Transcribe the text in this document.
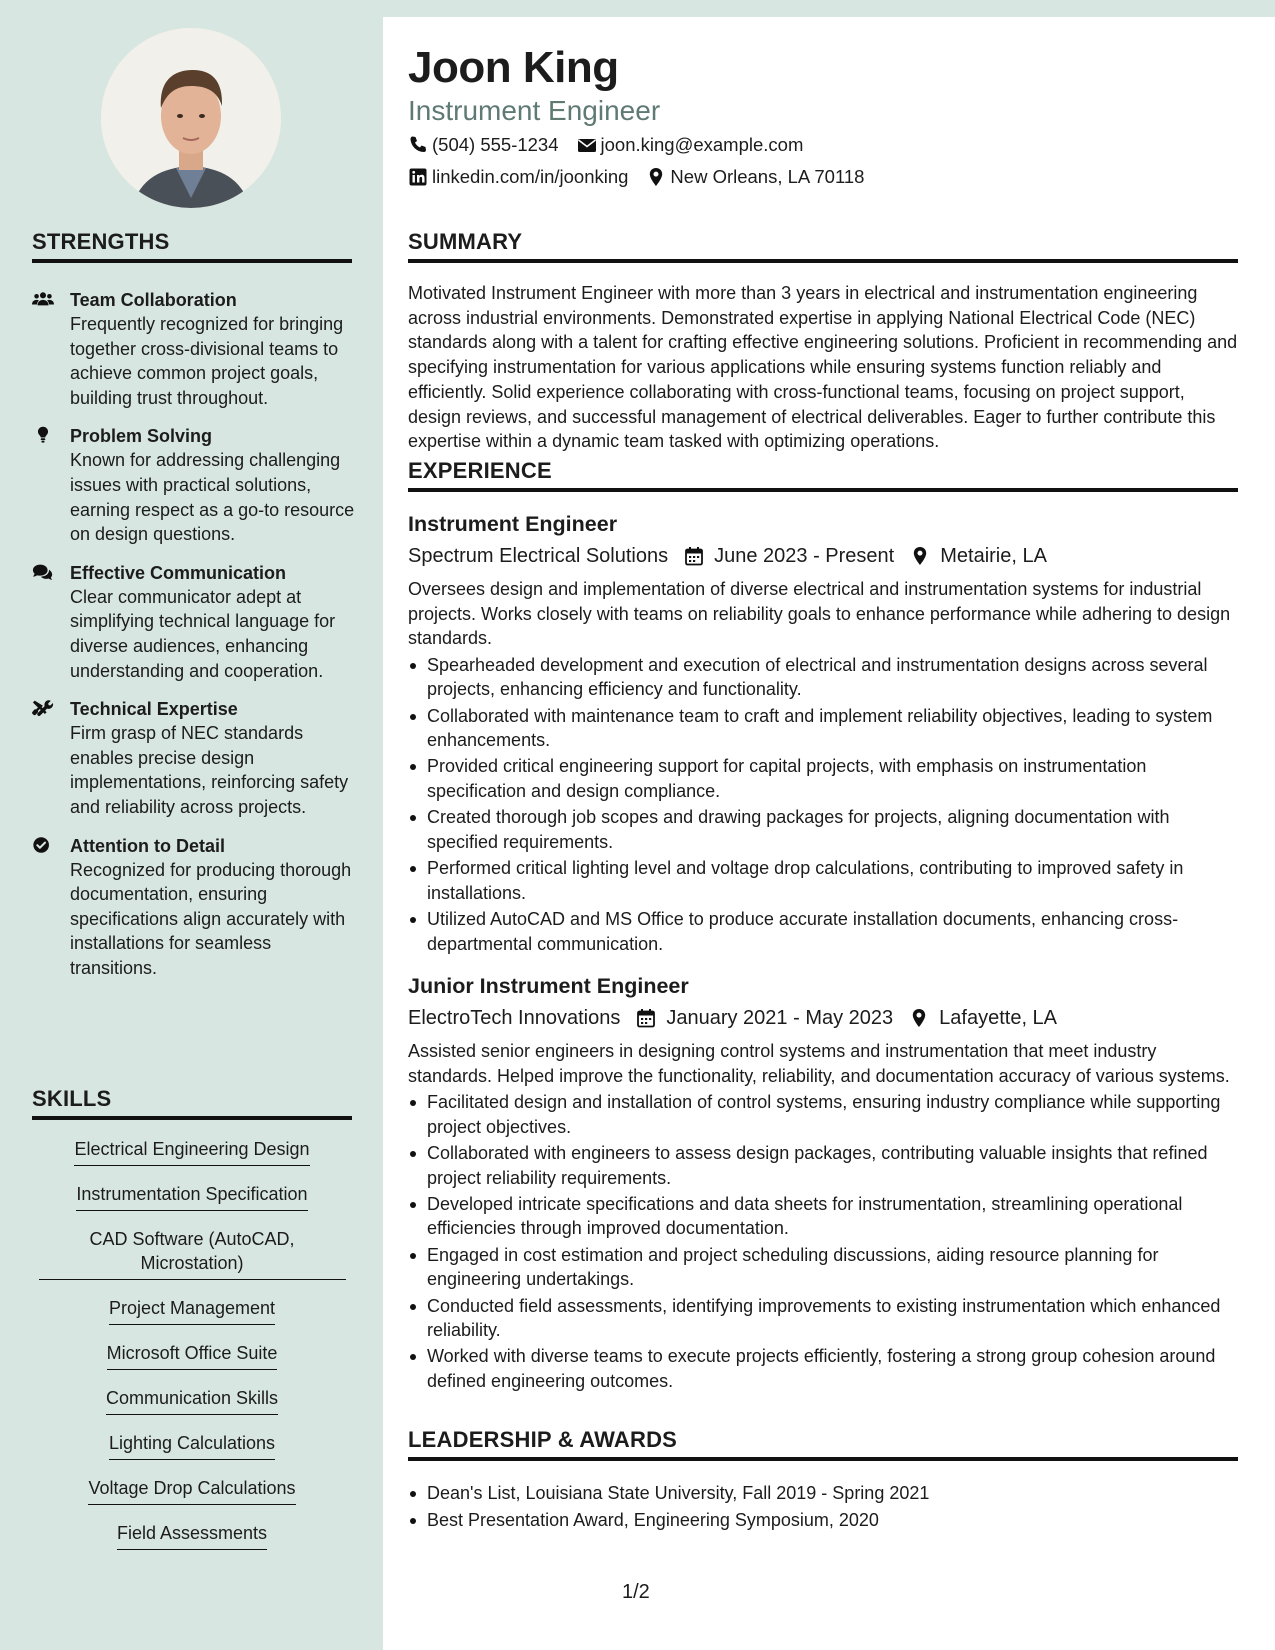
STRENGTHS
Team Collaboration
Frequently recognized for bringing together cross-divisional teams to achieve common project goals, building trust throughout.
Problem Solving
Known for addressing challenging issues with practical solutions, earning respect as a go-to resource on design questions.
Effective Communication
Clear communicator adept at simplifying technical language for diverse audiences, enhancing understanding and cooperation.
Technical Expertise
Firm grasp of NEC standards enables precise design implementations, reinforcing safety and reliability across projects.
Attention to Detail
Recognized for producing thorough documentation, ensuring specifications align accurately with installations for seamless transitions.
SKILLS
Electrical Engineering Design
Instrumentation Specification
CAD Software (AutoCAD, Microstation)
Project Management
Microsoft Office Suite
Communication Skills
Lighting Calculations
Voltage Drop Calculations
Field Assessments
Joon King
Instrument Engineer
(504) 555-1234 joon.king@example.com
linkedin.com/in/joonking New Orleans, LA 70118
SUMMARY
Motivated Instrument Engineer with more than 3 years in electrical and instrumentation engineering across industrial environments. Demonstrated expertise in applying National Electrical Code (NEC) standards along with a talent for crafting effective engineering solutions. Proficient in recommending and specifying instrumentation for various applications while ensuring systems function reliably and efficiently. Solid experience collaborating with cross-functional teams, focusing on project support, design reviews, and successful management of electrical deliverables. Eager to further contribute this expertise within a dynamic team tasked with optimizing operations.
EXPERIENCE
Instrument Engineer
Spectrum Electrical Solutions June 2023 - Present Metairie, LA
Oversees design and implementation of diverse electrical and instrumentation systems for industrial projects. Works closely with teams on reliability goals to enhance performance while adhering to design standards.
Spearheaded development and execution of electrical and instrumentation designs across several projects, enhancing efficiency and functionality.
Collaborated with maintenance team to craft and implement reliability objectives, leading to system enhancements.
Provided critical engineering support for capital projects, with emphasis on instrumentation specification and design compliance.
Created thorough job scopes and drawing packages for projects, aligning documentation with specified requirements.
Performed critical lighting level and voltage drop calculations, contributing to improved safety in installations.
Utilized AutoCAD and MS Office to produce accurate installation documents, enhancing cross-departmental communication.
Junior Instrument Engineer
ElectroTech Innovations January 2021 - May 2023 Lafayette, LA
Assisted senior engineers in designing control systems and instrumentation that meet industry standards. Helped improve the functionality, reliability, and documentation accuracy of various systems.
Facilitated design and installation of control systems, ensuring industry compliance while supporting project objectives.
Collaborated with engineers to assess design packages, contributing valuable insights that refined project reliability requirements.
Developed intricate specifications and data sheets for instrumentation, streamlining operational efficiencies through improved documentation.
Engaged in cost estimation and project scheduling discussions, aiding resource planning for engineering undertakings.
Conducted field assessments, identifying improvements to existing instrumentation which enhanced reliability.
Worked with diverse teams to execute projects efficiently, fostering a strong group cohesion around defined engineering outcomes.
LEADERSHIP & AWARDS
Dean's List, Louisiana State University, Fall 2019 - Spring 2021
Best Presentation Award, Engineering Symposium, 2020
1/2
